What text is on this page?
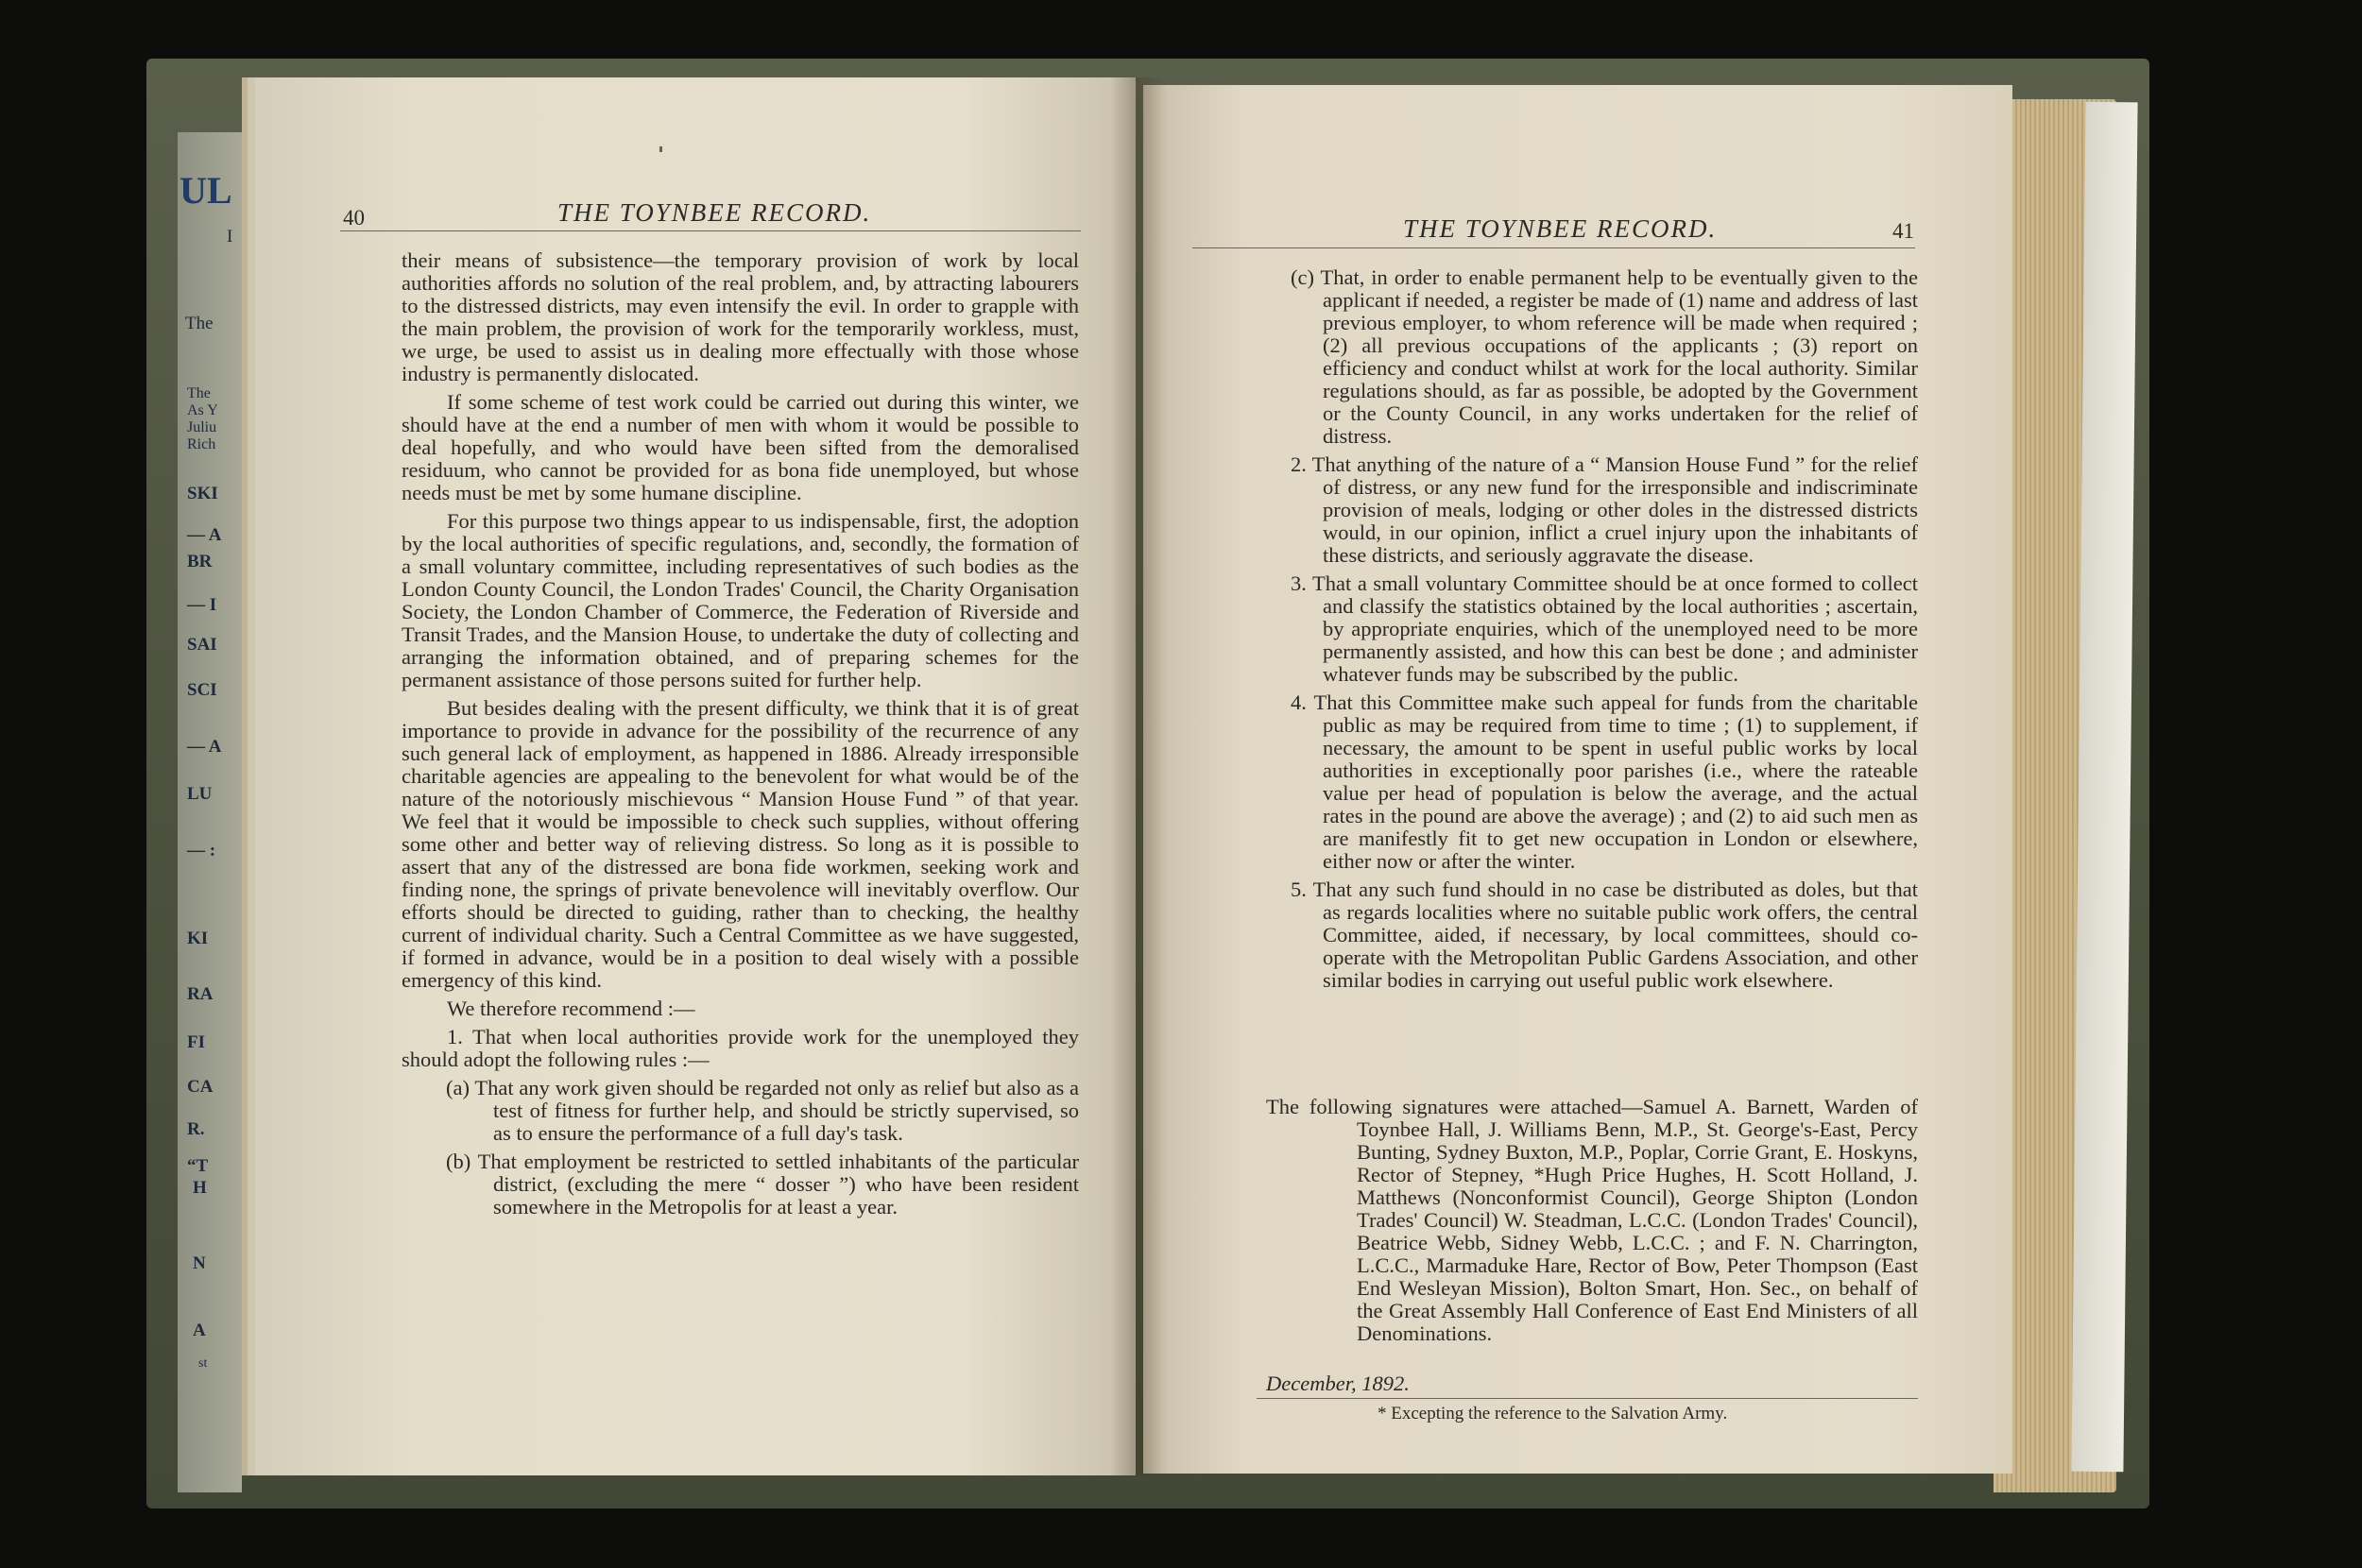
UL
I
The
The
As Y
Juliu
Rich
SKI
— A
BR
— I
SAI
SCI
— A
LU
— :
KI
RA
FI
CA
R.
“T
H
N
A
st
40	THE TOYNBEE RECORD.

their means of subsistence—the temporary provision of work by local authorities affords no solution of the real problem, and, by attracting labourers to the distressed districts, may even intensify the evil. In order to grapple with the main problem, the provision of work for the temporarily workless, must, we urge, be used to assist us in dealing more effectually with those whose industry is permanently dislocated.

If some scheme of test work could be carried out during this winter, we should have at the end a number of men with whom it would be possible to deal hopefully, and who would have been sifted from the demoralised residuum, who cannot be provided for as bona fide unemployed, but whose needs must be met by some humane discipline.

For this purpose two things appear to us indispensable, first, the adoption by the local authorities of specific regulations, and, secondly, the formation of a small voluntary committee, including representatives of such bodies as the London County Council, the London Trades' Council, the Charity Organisation Society, the London Chamber of Commerce, the Federation of Riverside and Transit Trades, and the Mansion House, to undertake the duty of collecting and arranging the information obtained, and of preparing schemes for the permanent assistance of those persons suited for further help.

But besides dealing with the present difficulty, we think that it is of great importance to provide in advance for the possibility of the recurrence of any such general lack of employment, as happened in 1886. Already irresponsible charitable agencies are appealing to the benevolent for what would be of the nature of the notoriously mischievous “ Mansion House Fund ” of that year. We feel that it would be impossible to check such supplies, without offering some other and better way of relieving distress. So long as it is possible to assert that any of the distressed are bona fide workmen, seeking work and finding none, the springs of private benevolence will inevitably overflow. Our efforts should be directed to guiding, rather than to checking, the healthy current of individual charity. Such a Central Committee as we have suggested, if formed in advance, would be in a position to deal wisely with a possible emergency of this kind.

We therefore recommend :—

1. That when local authorities provide work for the unemployed they should adopt the following rules :—

(a) That any work given should be regarded not only as relief but also as a test of fitness for further help, and should be strictly supervised, so as to ensure the performance of a full day's task.

(b) That employment be restricted to settled inhabitants of the particular district, (excluding the mere “ dosser ”) who have been resident somewhere in the Metropolis for at least a year.

THE TOYNBEE RECORD.	41

(c) That, in order to enable permanent help to be eventually given to the applicant if needed, a register be made of (1) name and address of last previous employer, to whom reference will be made when required ; (2) all previous occupations of the applicants ; (3) report on efficiency and conduct whilst at work for the local authority. Similar regulations should, as far as possible, be adopted by the Government or the County Council, in any works undertaken for the relief of distress.

2. That anything of the nature of a “ Mansion House Fund ” for the relief of distress, or any new fund for the irresponsible and indiscriminate provision of meals, lodging or other doles in the distressed districts would, in our opinion, inflict a cruel injury upon the inhabitants of these districts, and seriously aggravate the disease.

3. That a small voluntary Committee should be at once formed to collect and classify the statistics obtained by the local authorities ; ascertain, by appropriate enquiries, which of the unemployed need to be more permanently assisted, and how this can best be done ; and administer whatever funds may be subscribed by the public.

4. That this Committee make such appeal for funds from the charitable public as may be required from time to time ; (1) to supplement, if necessary, the amount to be spent in useful public works by local authorities in exceptionally poor parishes (i.e., where the rateable value per head of population is below the average, and the actual rates in the pound are above the average) ; and (2) to aid such men as are manifestly fit to get new occupation in London or elsewhere, either now or after the winter.

5. That any such fund should in no case be distributed as doles, but that as regards localities where no suitable public work offers, the central Committee, aided, if necessary, by local committees, should co-operate with the Metropolitan Public Gardens Association, and other similar bodies in carrying out useful public work elsewhere.

The following signatures were attached—Samuel A. Barnett, Warden of Toynbee Hall, J. Williams Benn, M.P., St. George's-East, Percy Bunting, Sydney Buxton, M.P., Poplar, Corrie Grant, E. Hoskyns, Rector of Stepney, *Hugh Price Hughes, H. Scott Holland, J. Matthews (Nonconformist Council), George Shipton (London Trades' Council) W. Steadman, L.C.C. (London Trades' Council), Beatrice Webb, Sidney Webb, L.C.C. ; and F. N. Charrington, L.C.C., Marmaduke Hare, Rector of Bow, Peter Thompson (East End Wesleyan Mission), Bolton Smart, Hon. Sec., on behalf of the Great Assembly Hall Conference of East End Ministers of all Denominations.

December, 1892.
* Excepting the reference to the Salvation Army.
